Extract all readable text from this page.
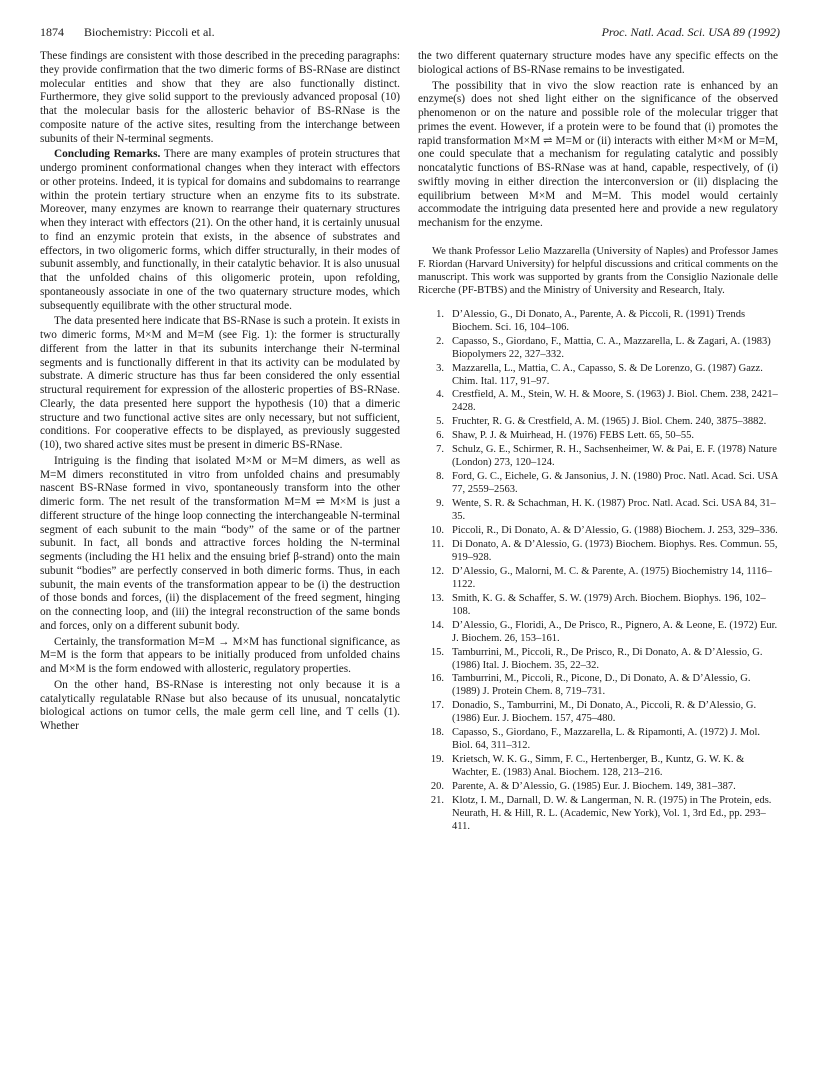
1874 Biochemistry: Piccoli et al.	Proc. Natl. Acad. Sci. USA 89 (1992)

These findings are consistent with those described in the preceding paragraphs: they provide confirmation that the two dimeric forms of BS-RNase are distinct molecular entities and show that they are also functionally distinct. Furthermore, they give solid support to the previously advanced proposal (10) that the molecular basis for the allosteric behavior of BS-RNase is the composite nature of the active sites, resulting from the interchange between subunits of their N-terminal segments.

Concluding Remarks. There are many examples of protein structures that undergo prominent conformational changes when they interact with effectors or other proteins. Indeed, it is typical for domains and subdomains to rearrange within the protein tertiary structure when an enzyme fits to its substrate. Moreover, many enzymes are known to rearrange their quaternary structures when they interact with effectors (21). On the other hand, it is certainly unusual to find an enzymic protein that exists, in the absence of substrates and effectors, in two oligomeric forms, which differ structurally, in their modes of subunit assembly, and functionally, in their catalytic behavior. It is also unusual that the unfolded chains of this oligomeric protein, upon refolding, spontaneously associate in one of the two quaternary structure modes, which subsequently equilibrate with the other structural mode.

The data presented here indicate that BS-RNase is such a protein. It exists in two dimeric forms, M×M and M=M (see Fig. 1): the former is structurally different from the latter in that its subunits interchange their N-terminal segments and is functionally different in that its activity can be modulated by substrate. A dimeric structure has thus far been considered the only essential structural requirement for expression of the allosteric properties of BS-RNase. Clearly, the data presented here support the hypothesis (10) that a dimeric structure and two functional active sites are only necessary, but not sufficient, conditions. For cooperative effects to be displayed, as previously suggested (10), two shared active sites must be present in dimeric BS-RNase.

Intriguing is the finding that isolated M×M or M=M dimers, as well as M=M dimers reconstituted in vitro from unfolded chains and presumably nascent BS-RNase formed in vivo, spontaneously transform into the other dimeric form. The net result of the transformation M=M ⇌ M×M is just a different structure of the hinge loop connecting the interchangeable N-terminal segment of each subunit to the main “body” of the same or of the partner subunit. In fact, all bonds and attractive forces holding the N-terminal segments (including the H1 helix and the ensuing brief β-strand) onto the main subunit “bodies” are perfectly conserved in both dimeric forms. Thus, in each subunit, the main events of the transformation appear to be (i) the destruction of those bonds and forces, (ii) the displacement of the freed segment, hinging on the connecting loop, and (iii) the integral reconstruction of the same bonds and forces, only on a different subunit body.

Certainly, the transformation M=M → M×M has functional significance, as M=M is the form that appears to be initially produced from unfolded chains and M×M is the form endowed with allosteric, regulatory properties.

On the other hand, BS-RNase is interesting not only because it is a catalytically regulatable RNase but also because of its unusual, noncatalytic biological actions on tumor cells, the male germ cell line, and T cells (1). Whether

the two different quaternary structure modes have any specific effects on the biological actions of BS-RNase remains to be investigated.

The possibility that in vivo the slow reaction rate is enhanced by an enzyme(s) does not shed light either on the significance of the observed phenomenon or on the nature and possible role of the molecular trigger that primes the event. However, if a protein were to be found that (i) promotes the rapid transformation M×M ⇌ M=M or (ii) interacts with either M×M or M=M, one could speculate that a mechanism for regulating catalytic and possibly noncatalytic functions of BS-RNase was at hand, capable, respectively, of (i) swiftly moving in either direction the interconversion or (ii) displacing the equilibrium between M×M and M=M. This model would certainly accommodate the intriguing data presented here and provide a new regulatory mechanism for the enzyme.

We thank Professor Lelio Mazzarella (University of Naples) and Professor James F. Riordan (Harvard University) for helpful discussions and critical comments on the manuscript. This work was supported by grants from the Consiglio Nazionale delle Ricerche (PF-BTBS) and the Ministry of University and Research, Italy.

1. D’Alessio, G., Di Donato, A., Parente, A. & Piccoli, R. (1991) Trends Biochem. Sci. 16, 104–106.
2. Capasso, S., Giordano, F., Mattia, C. A., Mazzarella, L. & Zagari, A. (1983) Biopolymers 22, 327–332.
3. Mazzarella, L., Mattia, C. A., Capasso, S. & De Lorenzo, G. (1987) Gazz. Chim. Ital. 117, 91–97.
4. Crestfield, A. M., Stein, W. H. & Moore, S. (1963) J. Biol. Chem. 238, 2421–2428.
5. Fruchter, R. G. & Crestfield, A. M. (1965) J. Biol. Chem. 240, 3875–3882.
6. Shaw, P. J. & Muirhead, H. (1976) FEBS Lett. 65, 50–55.
7. Schulz, G. E., Schirmer, R. H., Sachsenheimer, W. & Pai, E. F. (1978) Nature (London) 273, 120–124.
8. Ford, G. C., Eichele, G. & Jansonius, J. N. (1980) Proc. Natl. Acad. Sci. USA 77, 2559–2563.
9. Wente, S. R. & Schachman, H. K. (1987) Proc. Natl. Acad. Sci. USA 84, 31–35.
10. Piccoli, R., Di Donato, A. & D’Alessio, G. (1988) Biochem. J. 253, 329–336.
11. Di Donato, A. & D’Alessio, G. (1973) Biochem. Biophys. Res. Commun. 55, 919–928.
12. D’Alessio, G., Malorni, M. C. & Parente, A. (1975) Biochemistry 14, 1116–1122.
13. Smith, K. G. & Schaffer, S. W. (1979) Arch. Biochem. Biophys. 196, 102–108.
14. D’Alessio, G., Floridi, A., De Prisco, R., Pignero, A. & Leone, E. (1972) Eur. J. Biochem. 26, 153–161.
15. Tamburrini, M., Piccoli, R., De Prisco, R., Di Donato, A. & D’Alessio, G. (1986) Ital. J. Biochem. 35, 22–32.
16. Tamburrini, M., Piccoli, R., Picone, D., Di Donato, A. & D’Alessio, G. (1989) J. Protein Chem. 8, 719–731.
17. Donadio, S., Tamburrini, M., Di Donato, A., Piccoli, R. & D’Alessio, G. (1986) Eur. J. Biochem. 157, 475–480.
18. Capasso, S., Giordano, F., Mazzarella, L. & Ripamonti, A. (1972) J. Mol. Biol. 64, 311–312.
19. Krietsch, W. K. G., Simm, F. C., Hertenberger, B., Kuntz, G. W. K. & Wachter, E. (1983) Anal. Biochem. 128, 213–216.
20. Parente, A. & D’Alessio, G. (1985) Eur. J. Biochem. 149, 381–387.
21. Klotz, I. M., Darnall, D. W. & Langerman, N. R. (1975) in The Protein, eds. Neurath, H. & Hill, R. L. (Academic, New York), Vol. 1, 3rd Ed., pp. 293–411.
